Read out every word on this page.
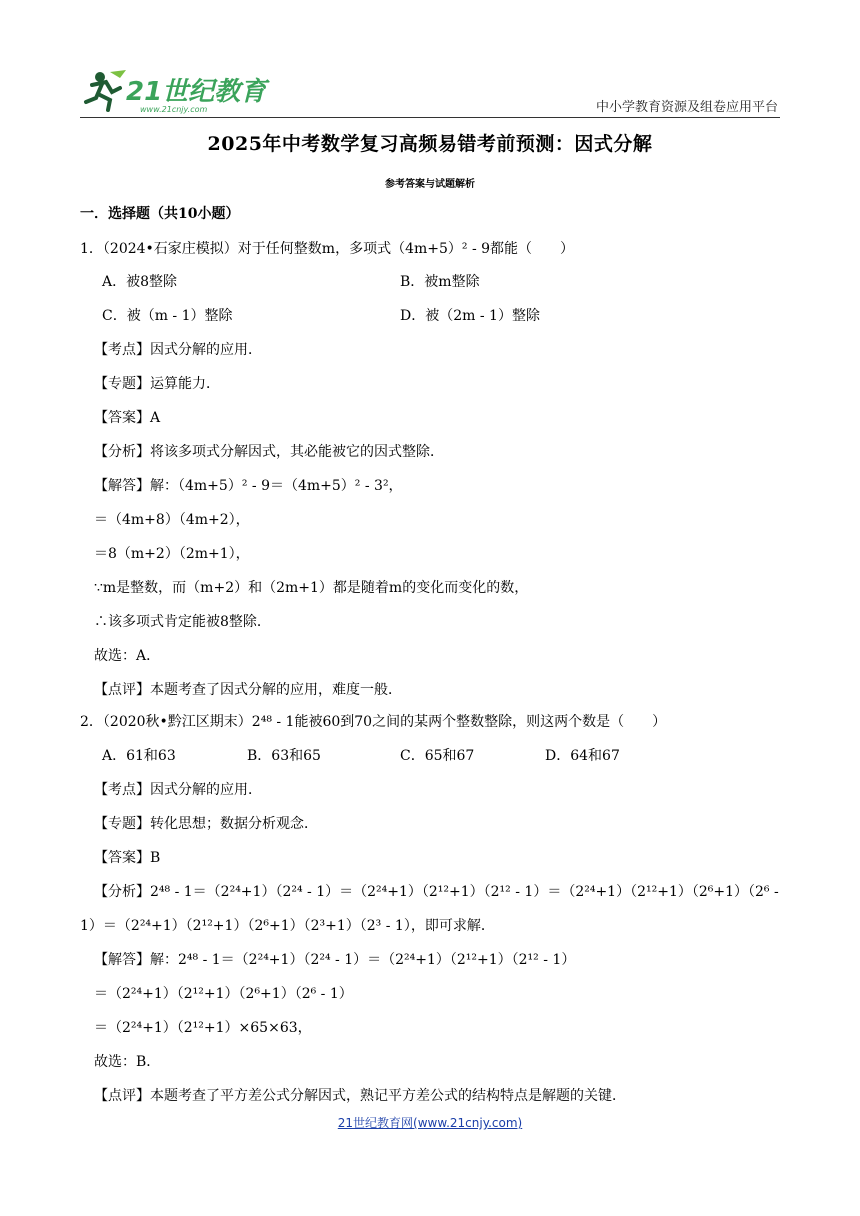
21世纪教育
www.21cnjy.com	中小学教育资源及组卷应用平台
2025年中考数学复习高频易错考前预测：因式分解
参考答案与试题解析
一．选择题（共10小题）
1．（2024•石家庄模拟）对于任何整数m，多项式（4m+5）² - 9都能（　　）
A．被8整除	B．被m整除
C．被（m - 1）整除	D．被（2m - 1）整除
【考点】因式分解的应用．
【专题】运算能力．
【答案】A
【分析】将该多项式分解因式，其必能被它的因式整除．
【解答】解：（4m+5）² - 9＝（4m+5）² - 3²，
＝（4m+8）（4m+2），
＝8（m+2）（2m+1），
∵m是整数，而（m+2）和（2m+1）都是随着m的变化而变化的数，
∴该多项式肯定能被8整除．
故选：A．
【点评】本题考查了因式分解的应用，难度一般．
2．（2020秋•黔江区期末）2⁴⁸ - 1能被60到70之间的某两个整数整除，则这两个数是（　　）
A．61和63	B．63和65	C．65和67	D．64和67
【考点】因式分解的应用．
【专题】转化思想；数据分析观念．
【答案】B
【分析】2⁴⁸ - 1＝（2²⁴+1）（2²⁴ - 1）＝（2²⁴+1）（2¹²+1）（2¹² - 1）＝（2²⁴+1）（2¹²+1）（2⁶+1）（2⁶ -
1）＝（2²⁴+1）（2¹²+1）（2⁶+1）（2³+1）（2³ - 1），即可求解．
【解答】解：2⁴⁸ - 1＝（2²⁴+1）（2²⁴ - 1）＝（2²⁴+1）（2¹²+1）（2¹² - 1）
＝（2²⁴+1）（2¹²+1）（2⁶+1）（2⁶ - 1）
＝（2²⁴+1）（2¹²+1）×65×63，
故选：B．
【点评】本题考查了平方差公式分解因式，熟记平方差公式的结构特点是解题的关键．
21世纪教育网(www.21cnjy.com)
